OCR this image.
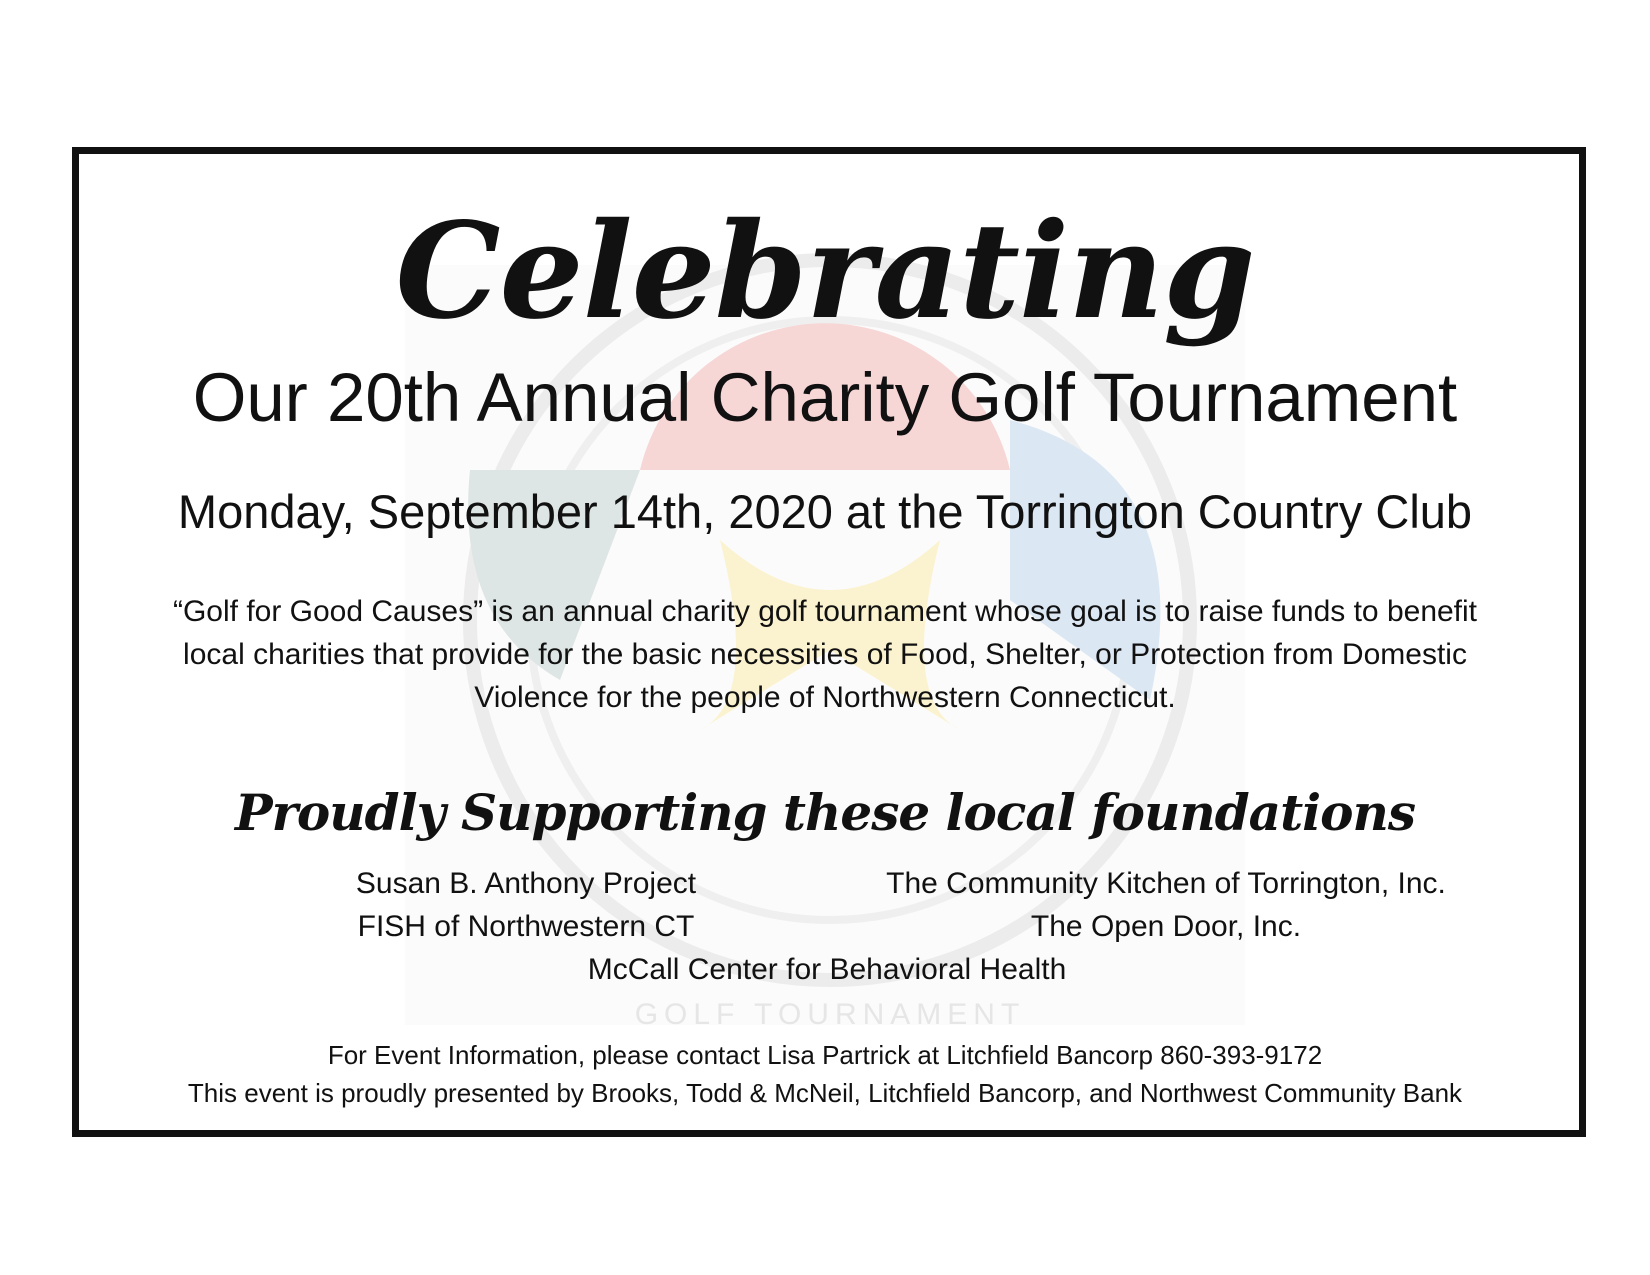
GOLF TOURNAMENT
Celebrating
Our 20th Annual Charity Golf Tournament
Monday, September 14th, 2020 at the Torrington Country Club
“Golf for Good Causes” is an annual charity golf tournament whose goal is to raise funds to benefit
local charities that provide for the basic necessities of Food, Shelter, or Protection from Domestic
Violence for the people of Northwestern Connecticut.
Proudly Supporting these local foundations
Susan B. Anthony Project	The Community Kitchen of Torrington, Inc.
FISH of Northwestern CT	The Open Door, Inc.
McCall Center for Behavioral Health
For Event Information, please contact Lisa Partrick at Litchfield Bancorp 860-393-9172
This event is proudly presented by Brooks, Todd & McNeil, Litchfield Bancorp, and Northwest Community Bank
